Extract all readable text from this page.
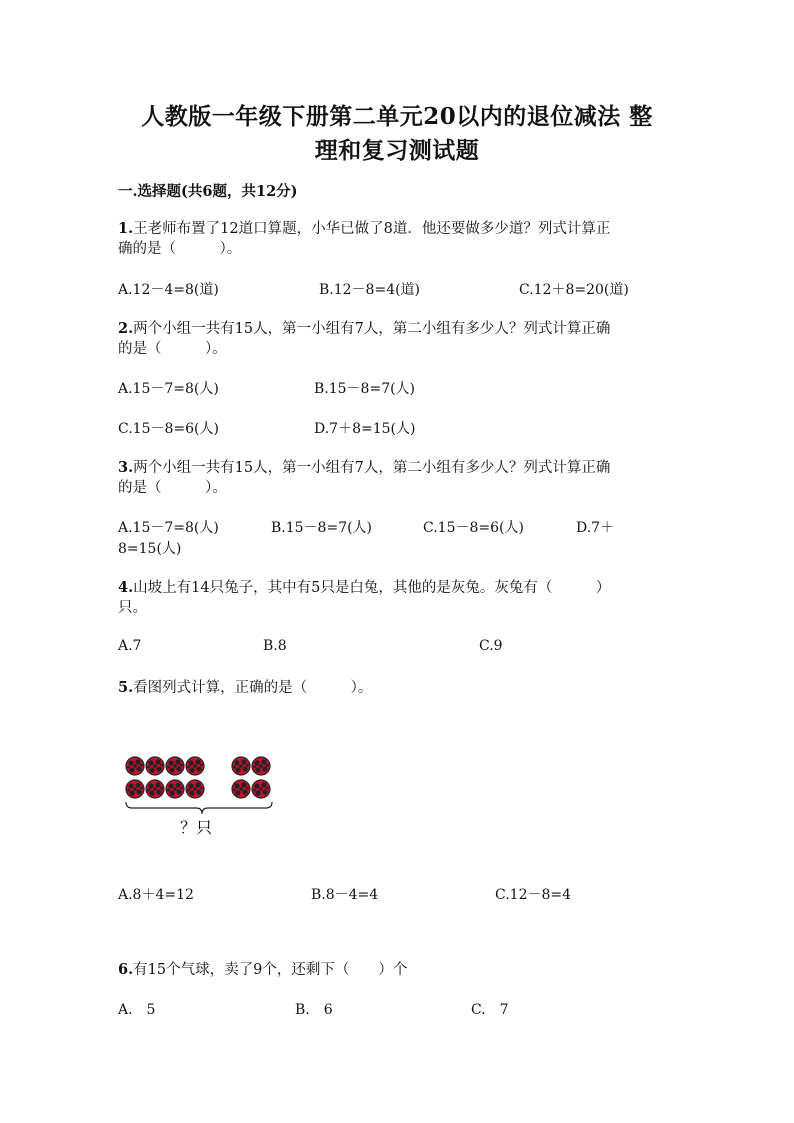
人教版一年级下册第二单元20以内的退位减法 整
理和复习测试题
一.选择题(共6题，共12分)
1.王老师布置了12道口算题，小华已做了8道．他还要做多少道？列式计算正
确的是（　　　）。
A.12－4=8(道)	B.12－8=4(道)	C.12＋8=20(道)
2.两个小组一共有15人，第一小组有7人，第二小组有多少人？列式计算正确
的是（　　　）。
A.15－7=8(人)	B.15－8=7(人)
C.15－8=6(人)	D.7＋8=15(人)
3.两个小组一共有15人，第一小组有7人，第二小组有多少人？列式计算正确
的是（　　　）。
A.15－7=8(人)	B.15－8=7(人)	C.15－8=6(人)	D.7＋
8=15(人)
4.山坡上有14只兔子，其中有5只是白兔，其他的是灰兔。灰兔有（　　　）
只。
A.7	B.8	C.9
5.看图列式计算，正确的是（　　　）。
？只
A.8＋4=12	B.8－4=4	C.12－8=4
6.有15个气球，卖了9个，还剩下（　　）个
A.　5	B.　6	C.　7
